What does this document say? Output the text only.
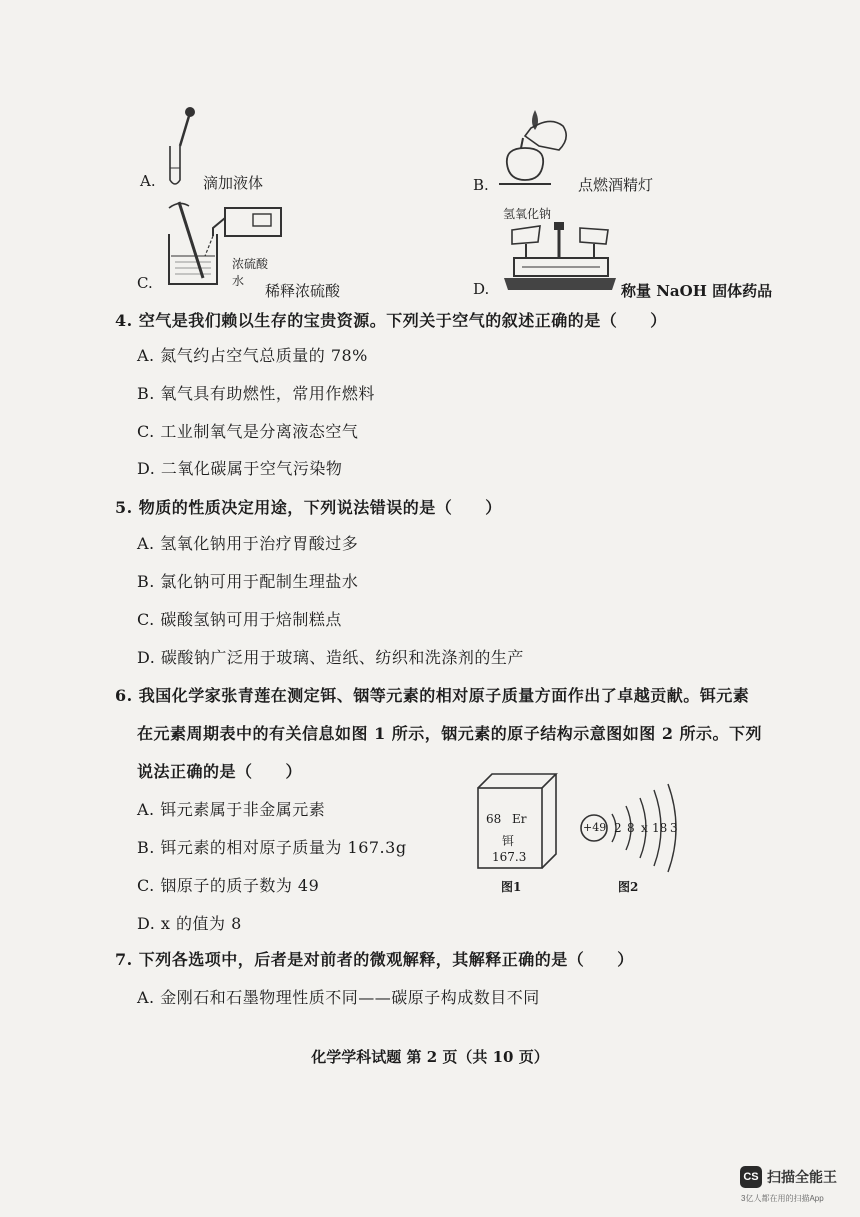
A.	滴加液体	B.	点燃酒精灯
浓硫酸
水
C.	稀释浓硫酸
氢氧化钠
D.	称量 NaOH 固体药品
4. 空气是我们赖以生存的宝贵资源。下列关于空气的叙述正确的是（　　）
A. 氮气约占空气总质量的 78%
B. 氧气具有助燃性，常用作燃料
C. 工业制氧气是分离液态空气
D. 二氧化碳属于空气污染物
5. 物质的性质决定用途，下列说法错误的是（　　）
A. 氢氧化钠用于治疗胃酸过多
B. 氯化钠可用于配制生理盐水
C. 碳酸氢钠可用于焙制糕点
D. 碳酸钠广泛用于玻璃、造纸、纺织和洗涤剂的生产
6. 我国化学家张青莲在测定铒、铟等元素的相对原子质量方面作出了卓越贡献。铒元素
在元素周期表中的有关信息如图 1 所示，铟元素的原子结构示意图如图 2 所示。下列
说法正确的是（　　）
A. 铒元素属于非金属元素
B. 铒元素的相对原子质量为 167.3g
C. 铟原子的质子数为 49
D. x 的值为 8
68 Er
铒
167.3
图1
+49 2 8 x 18 3
图2
7. 下列各选项中，后者是对前者的微观解释，其解释正确的是（　　）
A. 金刚石和石墨物理性质不同——碳原子构成数目不同
化学学科试题 第 2 页（共 10 页）
CS 扫描全能王
3亿人都在用的扫描App
